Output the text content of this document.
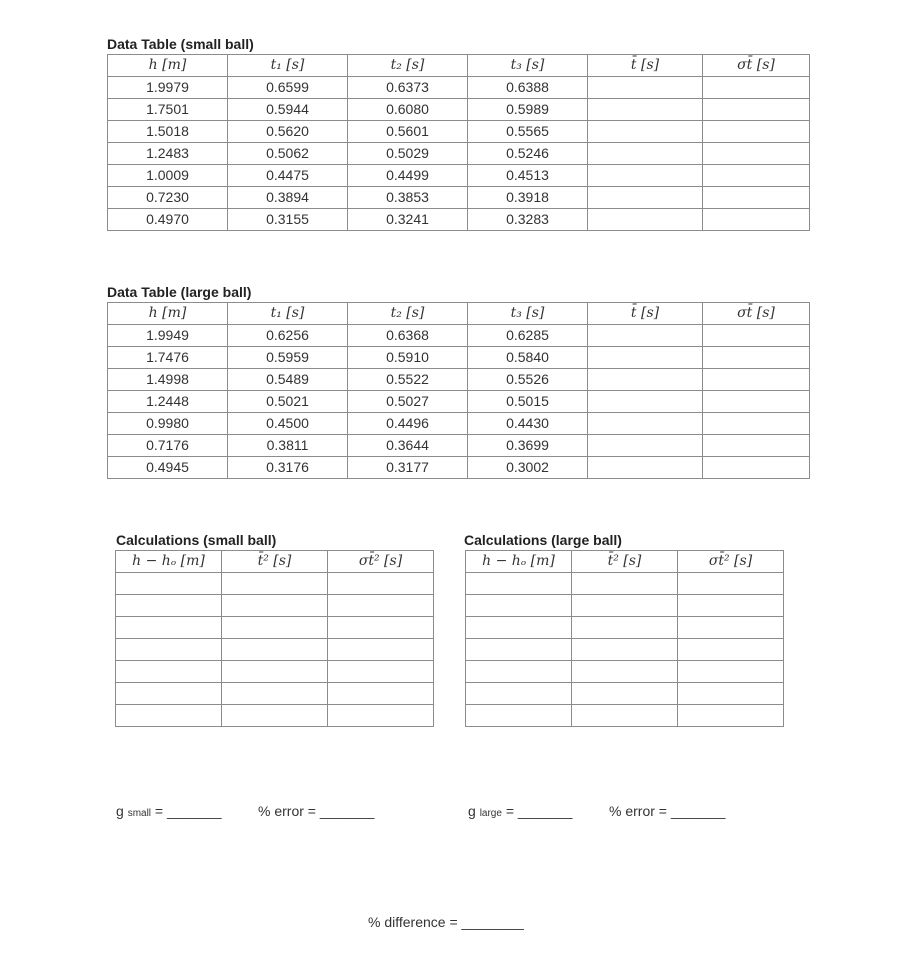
Data Table (small ball)
h [m]	t₁ [s]	t₂ [s]	t₃ [s]	t̄ [s]	σt̄ [s]
1.9979	0.6599	0.6373	0.6388		
1.7501	0.5944	0.6080	0.5989		
1.5018	0.5620	0.5601	0.5565		
1.2483	0.5062	0.5029	0.5246		
1.0009	0.4475	0.4499	0.4513		
0.7230	0.3894	0.3853	0.3918		
0.4970	0.3155	0.3241	0.3283		
Data Table (large ball)
h [m]	t₁ [s]	t₂ [s]	t₃ [s]	t̄ [s]	σt̄ [s]
1.9949	0.6256	0.6368	0.6285		
1.7476	0.5959	0.5910	0.5840		
1.4998	0.5489	0.5522	0.5526		
1.2448	0.5021	0.5027	0.5015		
0.9980	0.4500	0.4496	0.4430		
0.7176	0.3811	0.3644	0.3699		
0.4945	0.3176	0.3177	0.3002		
Calculations (small ball)
h − hₒ [m]	t̄² [s]	σt̄² [s]

Calculations (large ball)
h − hₒ [m]	t̄² [s]	σt̄² [s]

g small = _______	% error = _______	g large = _______	% error = _______
% difference = ________
